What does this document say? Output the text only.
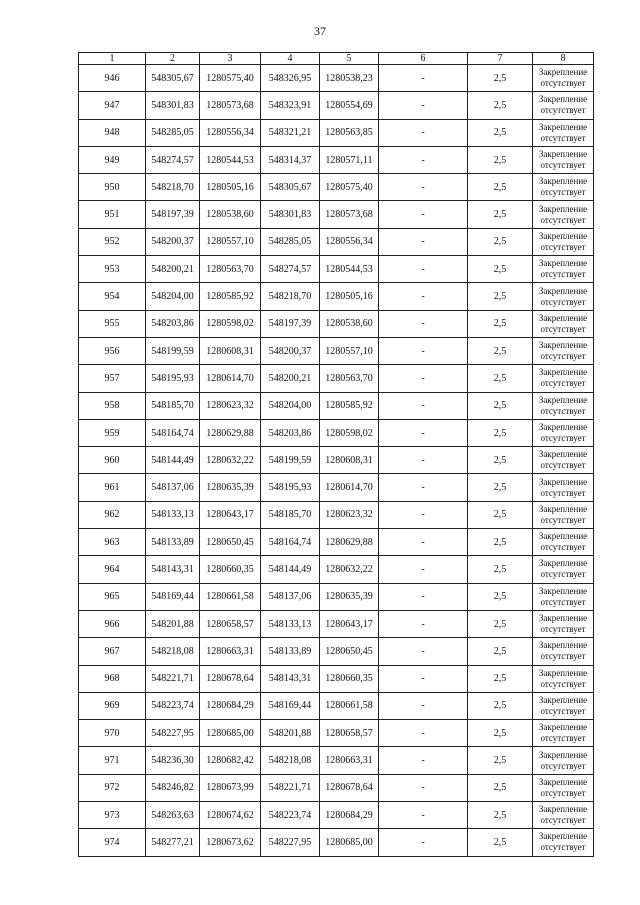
37
1	2	3	4	5	6	7	8
946	548305,67	1280575,40	548326,95	1280538,23	-	2,5	Закрепление
отсутствует

947	548301,83	1280573,68	548323,91	1280554,69	-	2,5	Закрепление
отсутствует

948	548285,05	1280556,34	548321,21	1280563,85	-	2,5	Закрепление
отсутствует

949	548274,57	1280544,53	548314,37	1280571,11	-	2,5	Закрепление
отсутствует

950	548218,70	1280505,16	548305,67	1280575,40	-	2,5	Закрепление
отсутствует

951	548197,39	1280538,60	548301,83	1280573,68	-	2,5	Закрепление
отсутствует

952	548200,37	1280557,10	548285,05	1280556,34	-	2,5	Закрепление
отсутствует

953	548200,21	1280563,70	548274,57	1280544,53	-	2,5	Закрепление
отсутствует

954	548204,00	1280585,92	548218,70	1280505,16	-	2,5	Закрепление
отсутствует

955	548203,86	1280598,02	548197,39	1280538,60	-	2,5	Закрепление
отсутствует

956	548199,59	1280608,31	548200,37	1280557,10	-	2,5	Закрепление
отсутствует

957	548195,93	1280614,70	548200,21	1280563,70	-	2,5	Закрепление
отсутствует

958	548185,70	1280623,32	548204,00	1280585,92	-	2,5	Закрепление
отсутствует

959	548164,74	1280629,88	548203,86	1280598,02	-	2,5	Закрепление
отсутствует

960	548144,49	1280632,22	548199,59	1280608,31	-	2,5	Закрепление
отсутствует

961	548137,06	1280635,39	548195,93	1280614,70	-	2,5	Закрепление
отсутствует

962	548133,13	1280643,17	548185,70	1280623,32	-	2,5	Закрепление
отсутствует

963	548133,89	1280650,45	548164,74	1280629,88	-	2,5	Закрепление
отсутствует

964	548143,31	1280660,35	548144,49	1280632,22	-	2,5	Закрепление
отсутствует

965	548169,44	1280661,58	548137,06	1280635,39	-	2,5	Закрепление
отсутствует

966	548201,88	1280658,57	548133,13	1280643,17	-	2,5	Закрепление
отсутствует

967	548218,08	1280663,31	548133,89	1280650,45	-	2,5	Закрепление
отсутствует

968	548221,71	1280678,64	548143,31	1280660,35	-	2,5	Закрепление
отсутствует

969	548223,74	1280684,29	548169,44	1280661,58	-	2,5	Закрепление
отсутствует

970	548227,95	1280685,00	548201,88	1280658,57	-	2,5	Закрепление
отсутствует

971	548236,30	1280682,42	548218,08	1280663,31	-	2,5	Закрепление
отсутствует

972	548246,82	1280673,99	548221,71	1280678,64	-	2,5	Закрепление
отсутствует

973	548263,63	1280674,62	548223,74	1280684,29	-	2,5	Закрепление
отсутствует

974	548277,21	1280673,62	548227,95	1280685,00	-	2,5	Закрепление
отсутствует
